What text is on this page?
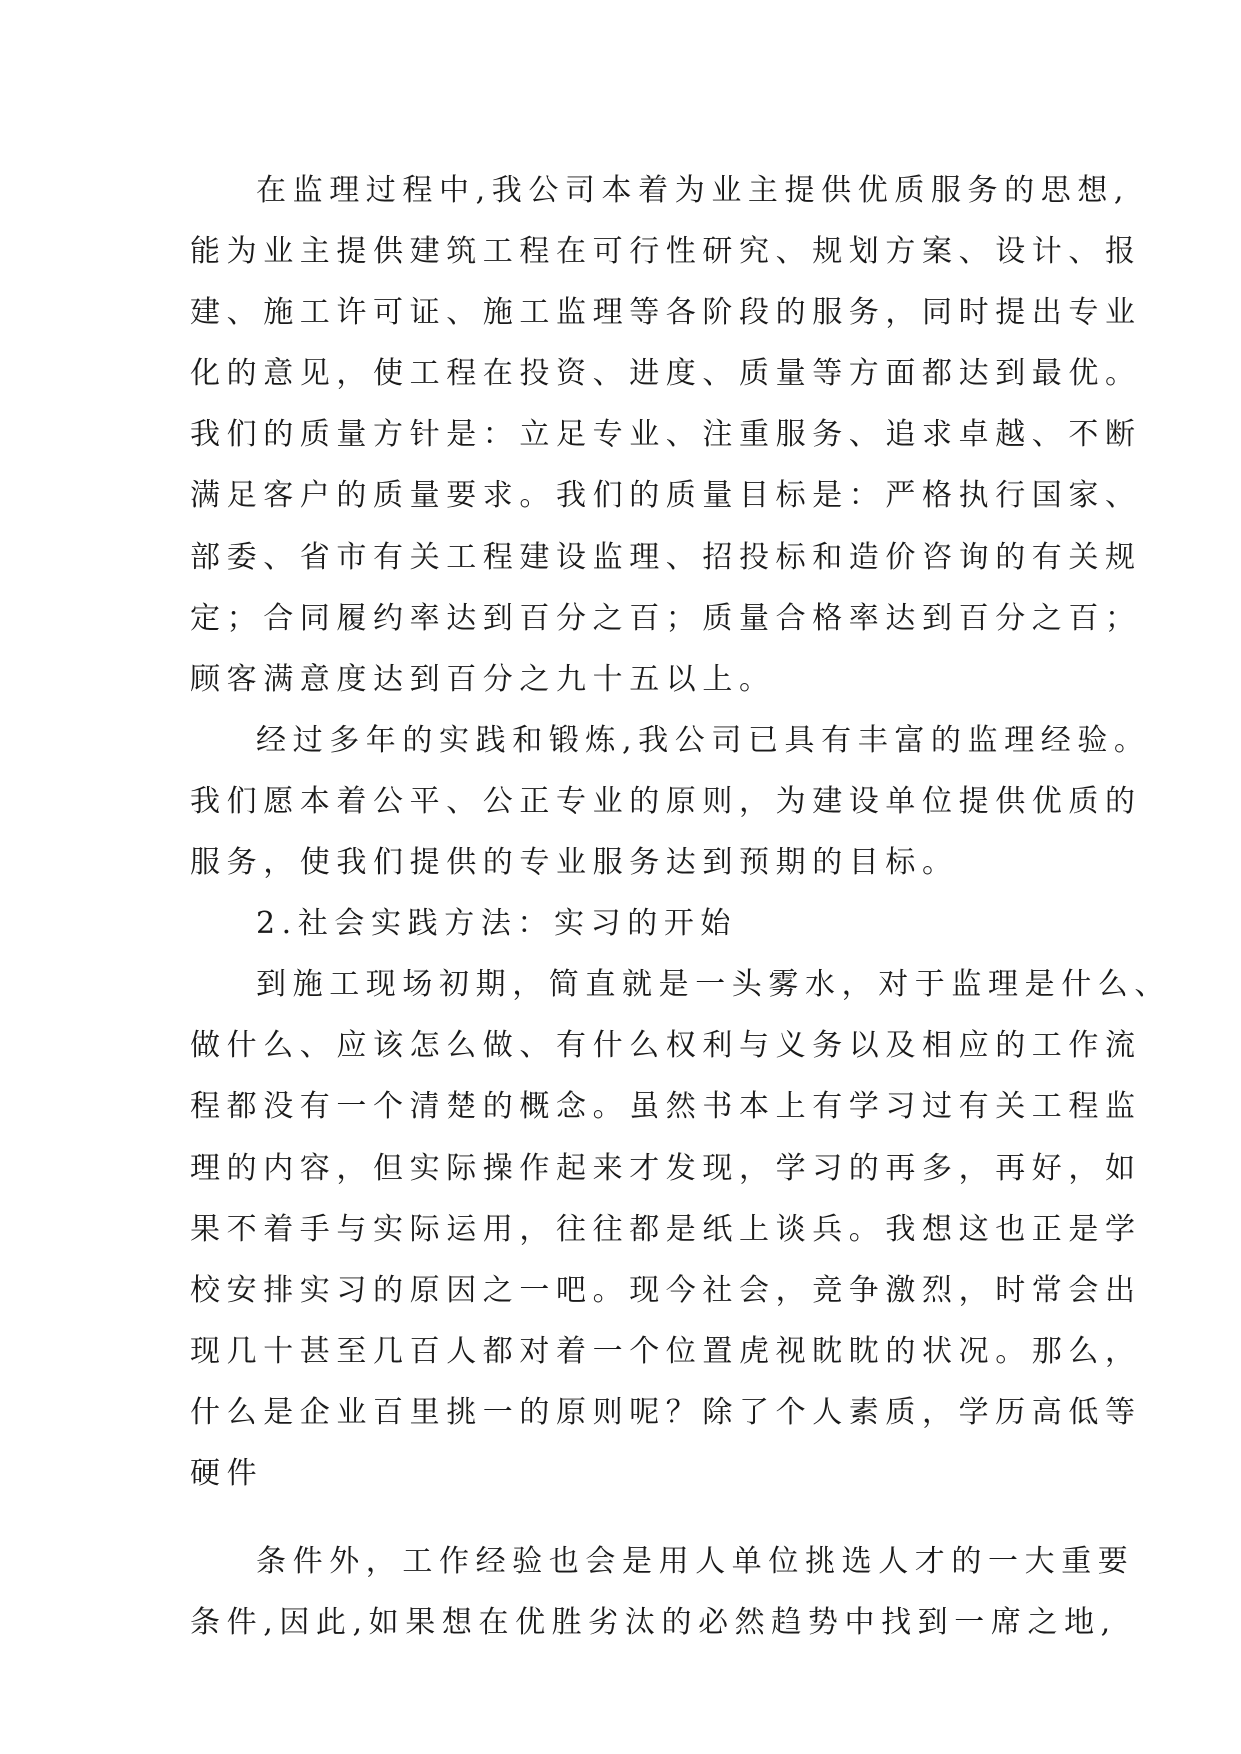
在监理过程中,我公司本着为业主提供优质服务的思想,
能为业主提供建筑工程在可行性研究、规划方案、设计、报
建、施工许可证、施工监理等各阶段的服务，同时提出专业
化的意见，使工程在投资、进度、质量等方面都达到最优。
我们的质量方针是：立足专业、注重服务、追求卓越、不断
满足客户的质量要求。我们的质量目标是：严格执行国家、
部委、省市有关工程建设监理、招投标和造价咨询的有关规
定；合同履约率达到百分之百；质量合格率达到百分之百；
顾客满意度达到百分之九十五以上。
经过多年的实践和锻炼,我公司已具有丰富的监理经验。
我们愿本着公平、公正专业的原则，为建设单位提供优质的
服务，使我们提供的专业服务达到预期的目标。
2.社会实践方法：实习的开始
到施工现场初期，简直就是一头雾水，对于监理是什么、
做什么、应该怎么做、有什么权利与义务以及相应的工作流
程都没有一个清楚的概念。虽然书本上有学习过有关工程监
理的内容，但实际操作起来才发现，学习的再多，再好，如
果不着手与实际运用，往往都是纸上谈兵。我想这也正是学
校安排实习的原因之一吧。现今社会，竞争激烈，时常会出
现几十甚至几百人都对着一个位置虎视眈眈的状况。那么，
什么是企业百里挑一的原则呢？除了个人素质，学历高低等
硬件
条件外，工作经验也会是用人单位挑选人才的一大重要
条件,因此,如果想在优胜劣汰的必然趋势中找到一席之地,
